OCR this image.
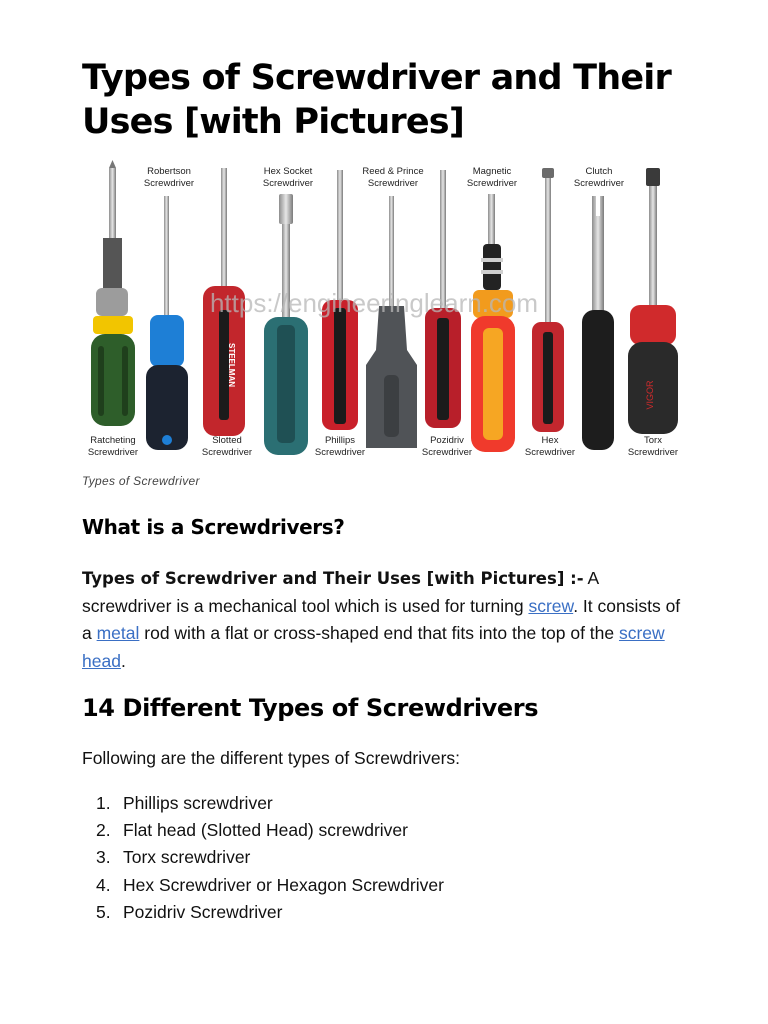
Types of Screwdriver and Their Uses [with Pictures]
VIGOR
STEELMAN
https://engineeringlearn.com
Robertson
Screwdriver
Hex Socket
Screwdriver
Reed & Prince
Screwdriver
Magnetic
Screwdriver
Clutch
Screwdriver
Ratcheting
Screwdriver
Slotted
Screwdriver
Phillips
Screwdriver
Pozidriv
Screwdriver
Hex
Screwdriver
Torx
Screwdriver

Types of Screwdriver

What is a Screwdrivers?

Types of Screwdriver and Their Uses [with Pictures] :- A screwdriver is a mechanical tool which is used for turning screw. It consists of a metal rod with a flat or cross-shaped end that fits into the top of the screw head.

14 Different Types of Screwdrivers

Following are the different types of Screwdrivers:

1. Phillips screwdriver
2. Flat head (Slotted Head) screwdriver
3. Torx screwdriver
4. Hex Screwdriver or Hexagon Screwdriver
5. Pozidriv Screwdriver
